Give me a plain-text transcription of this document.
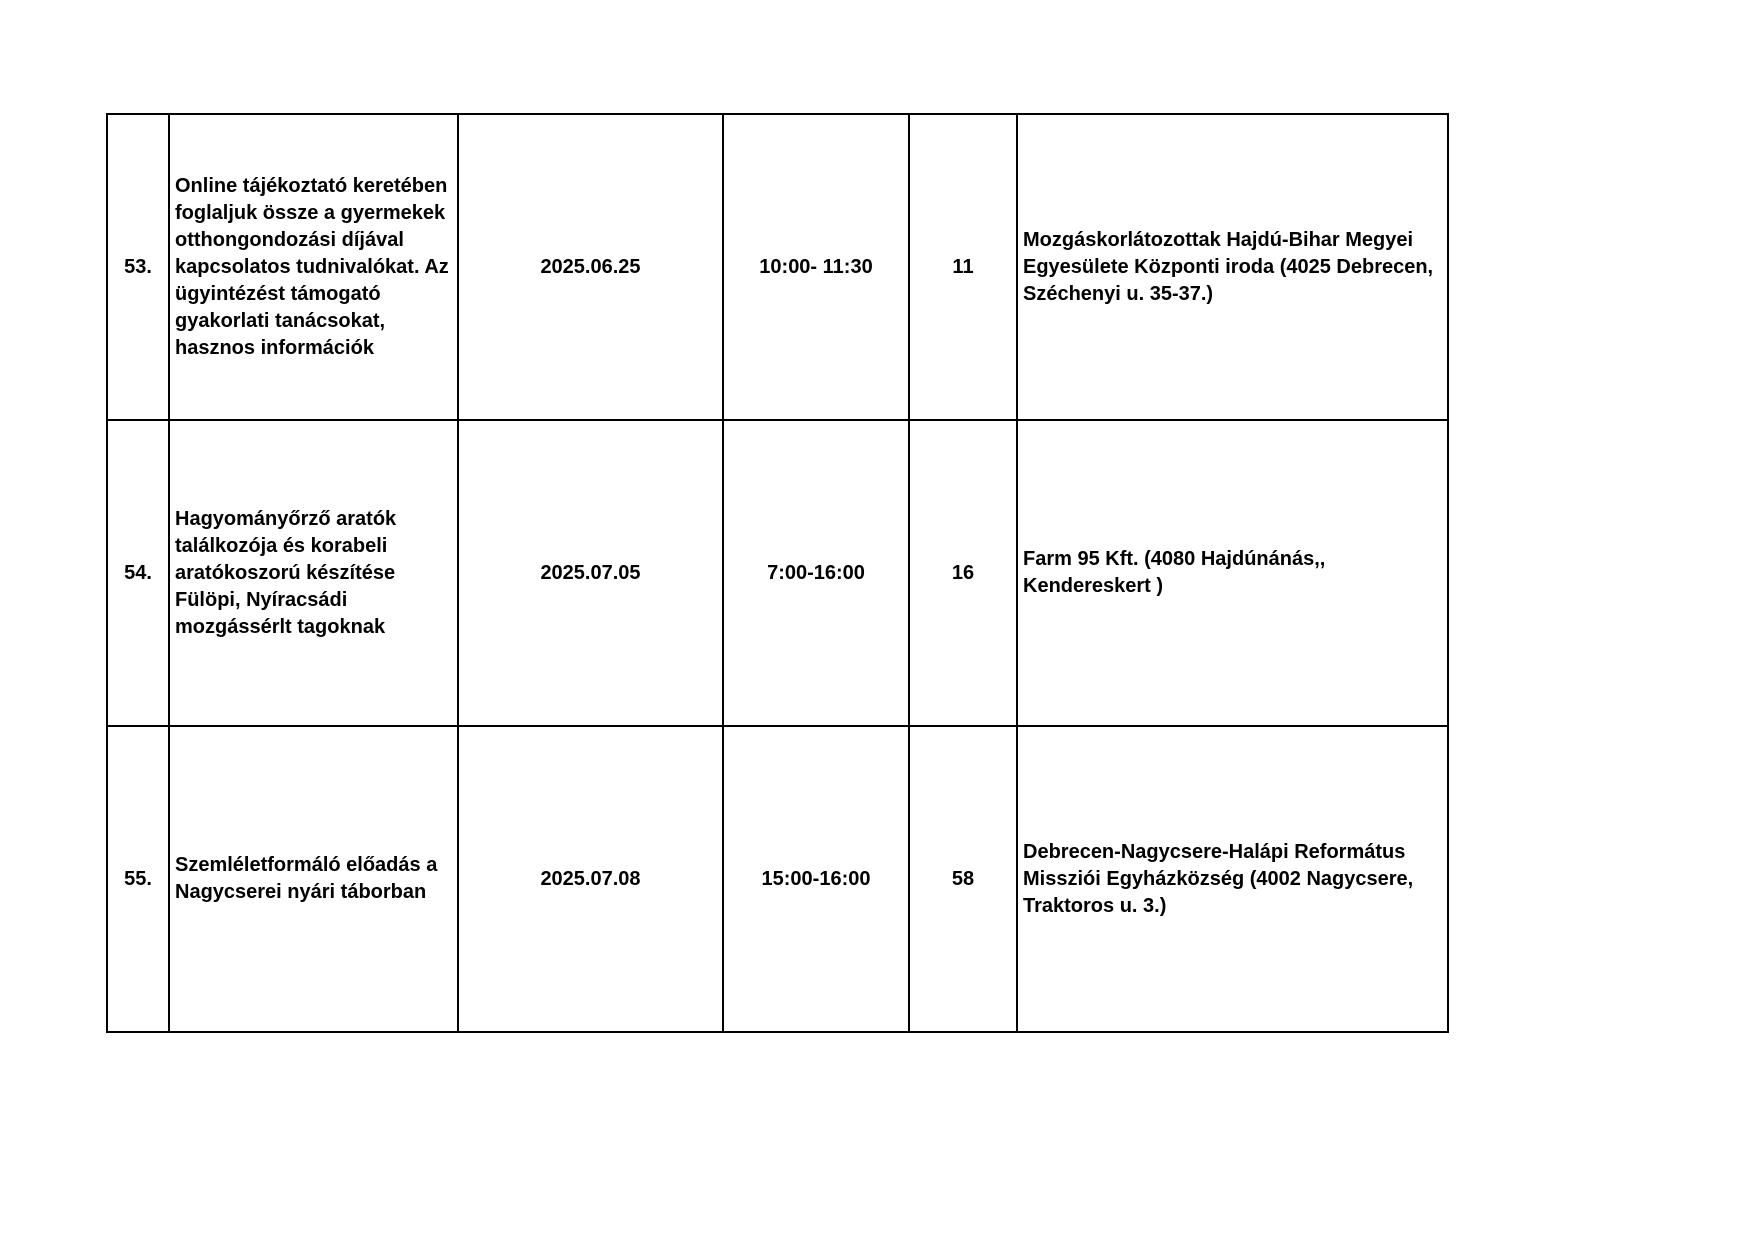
53.	Online tájékoztató keretében foglaljuk össze a gyermekek otthongondozási díjával kapcsolatos tudnivalókat. Az ügyintézést támogató gyakorlati tanácsokat, hasznos információk	2025.06.25	10:00- 11:30	11	Mozgáskorlátozottak Hajdú-Bihar Megyei Egyesülete Központi iroda (4025 Debrecen, Széchenyi u. 35-37.)

54.	Hagyományőrző aratók találkozója és korabeli aratókoszorú készítése Fülöpi, Nyíracsádi mozgássérlt tagoknak	2025.07.05	7:00-16:00	16	Farm 95 Kft. (4080 Hajdúnánás,, Kendereskert )

55.	Szemléletformáló előadás a Nagycserei nyári táborban	2025.07.08	15:00-16:00	58	Debrecen-Nagycsere-Halápi Református Missziói Egyházközség (4002 Nagycsere, Traktoros u. 3.)
